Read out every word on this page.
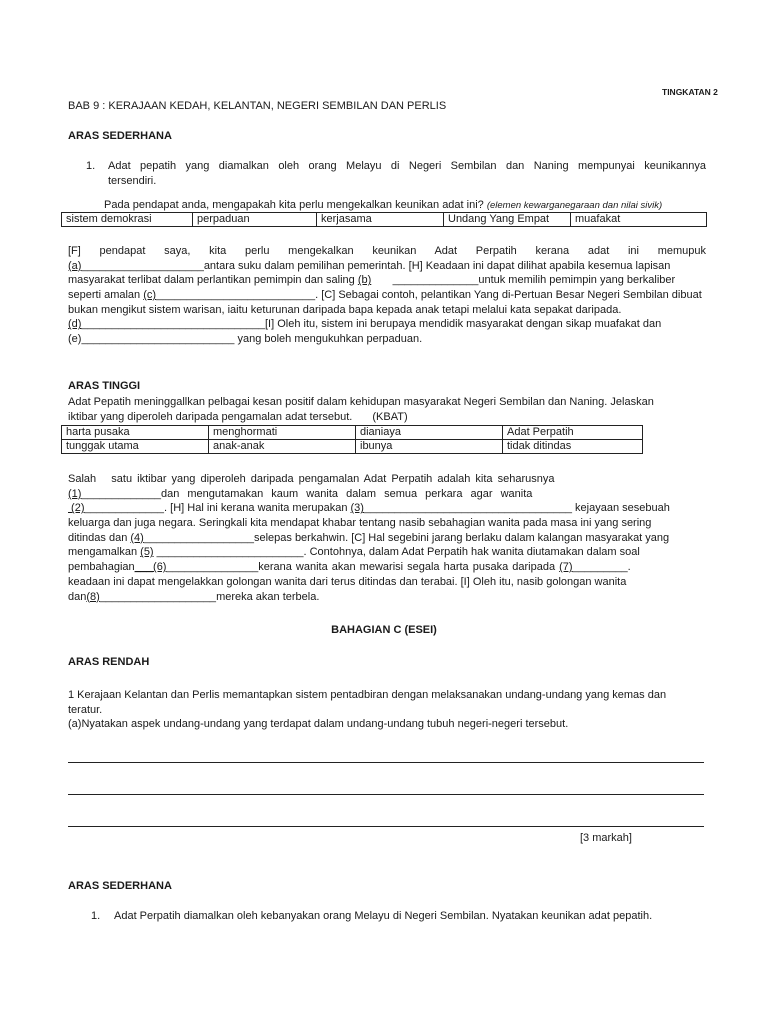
TINGKATAN 2
BAB 9 : KERAJAAN KEDAH, KELANTAN, NEGERI SEMBILAN DAN PERLIS
ARAS SEDERHANA
1. Adat pepatih yang diamalkan oleh orang Melayu di Negeri Sembilan dan Naning mempunyai keunikannya
tersendiri.
Pada pendapat anda, mengapakah kita perlu mengekalkan keunikan adat ini? (elemen kewarganegaraan dan nilai sivik)
sistem demokrasi	perpaduan	kerjasama	Undang Yang Empat	muafakat
[F] pendapat saya, kita perlu mengekalkan keunikan Adat Perpatih kerana adat ini memupuk
(a)____________________antara suku dalam pemilihan pemerintah. [H] Keadaan ini dapat dilihat apabila kesemua lapisan
masyarakat terlibat dalam perlantikan pemimpin dan saling (b)       ______________untuk memilih pemimpin yang berkaliber
seperti amalan (c)__________________________. [C] Sebagai contoh, pelantikan Yang di-Pertuan Besar Negeri Sembilan dibuat
bukan mengikut sistem warisan, iaitu keturunan daripada bapa kepada anak tetapi melalui kata sepakat daripada.
(d)______________________________[I] Oleh itu, sistem ini berupaya mendidik masyarakat dengan sikap muafakat dan
(e)_________________________ yang boleh mengukuhkan perpaduan.
ARAS TINGGI
Adat Pepatih meninggallkan pelbagai kesan positif dalam kehidupan masyarakat Negeri Sembilan dan Naning. Jelaskan
iktibar yang diperoleh daripada pengamalan adat tersebut. (KBAT)
harta pusaka	menghormati	dianiaya	Adat Perpatih
tunggak utama	anak-anak	ibunya	tidak ditindas
Salah   satu iktibar yang diperoleh daripada pengamalan Adat Perpatih adalah kita seharusnya
(1)_____________dan mengutamakan kaum wanita dalam semua perkara agar wanita
(2)_____________. [H] Hal ini kerana wanita merupakan (3)__________________________________ kejayaan sesebuah
keluarga dan juga negara. Seringkali kita mendapat khabar tentang nasib sebahagian wanita pada masa ini yang sering
ditindas dan (4)__________________selepas berkahwin. [C] Hal segebini jarang berlaku dalam kalangan masyarakat yang
mengamalkan (5) ________________________. Contohnya, dalam Adat Perpatih hak wanita diutamakan dalam soal
pembahagian___(6)_______________kerana wanita akan mewarisi segala harta pusaka daripada (7)_________.
keadaan ini dapat mengelakkan golongan wanita dari terus ditindas dan terabai. [I] Oleh itu, nasib golongan wanita
dan(8)___________________mereka akan terbela.
BAHAGIAN C (ESEI)
ARAS RENDAH
1 Kerajaan Kelantan dan Perlis memantapkan sistem pentadbiran dengan melaksanakan undang-undang yang kemas dan
teratur.
(a)Nyatakan aspek undang-undang yang terdapat dalam undang-undang tubuh negeri-negeri tersebut.
[3 markah]
ARAS SEDERHANA
1. Adat Perpatih diamalkan oleh kebanyakan orang Melayu di Negeri Sembilan. Nyatakan keunikan adat pepatih.
